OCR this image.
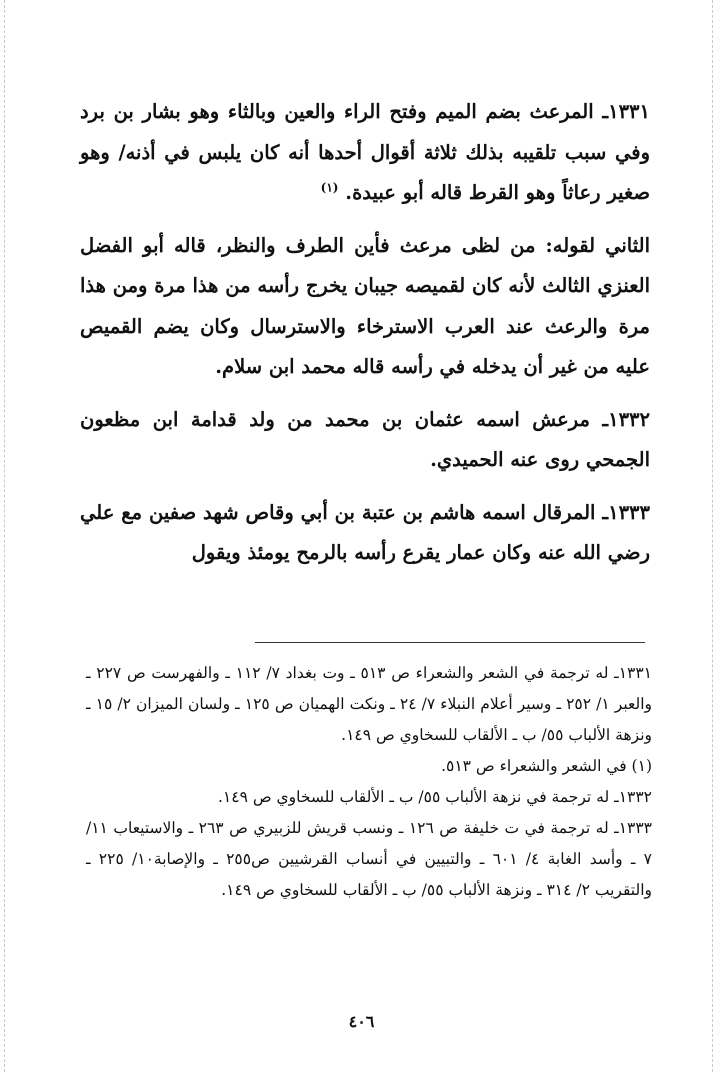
١٣٣١ـ المرعث بضم الميم وفتح الراء والعين وبالثاء وهو بشار بن برد وفي سبب تلقيبه بذلك ثلاثة أقوال أحدها أنه كان يلبس في أذنه/ وهو صغير رعاثاً وهو القرط قاله أبو عبيدة. $^{(١)}$

الثاني لقوله: من لظى مرعث فأين الطرف والنظر، قاله أبو الفضل العنزي الثالث لأنه كان لقميصه جيبان يخرج رأسه من هذا مرة ومن هذا مرة والرعث عند العرب الاسترخاء والاسترسال وكان يضم القميص عليه من غير أن يدخله في رأسه قاله محمد ابن سلام.

١٣٣٢ـ مرعش اسمه عثمان بن محمد من ولد قدامة ابن مظعون الجمحي روى عنه الحميدي.

١٣٣٣ـ المرقال اسمه هاشم بن عتبة بن أبي وقاص شهد صفين مع علي رضي الله عنه وكان عمار يقرع رأسه بالرمح يومئذ ويقول

١٣٣١ـ له ترجمة في الشعر والشعراء ص ٥١٣ ـ وت بغداد ٧/ ١١٢ ـ والفهرست ص ٢٢٧ ـ والعبر ١/ ٢٥٢ ـ وسير أعلام النبلاء ٧/ ٢٤ ـ ونكت الهميان ص ١٢٥ ـ ولسان الميزان ٢/ ١٥ ـ ونزهة الألباب ٥٥/ ب ـ الألقاب للسخاوي ص ١٤٩.

(١) في الشعر والشعراء ص ٥١٣.

١٣٣٢ـ له ترجمة في نزهة الألباب ٥٥/ ب ـ الألقاب للسخاوي ص ١٤٩.

١٣٣٣ـ له ترجمة في ت خليفة ص ١٢٦ ـ ونسب قريش للزبيري ص ٢٦٣ ـ والاستيعاب ١١/ ٧ ـ وأسد الغابة ٤/ ٦٠١ ـ والتبيين في أنساب القرشيين ص٢٥٥ ـ والإصابة١٠/ ٢٢٥ ـ والتقريب ٢/ ٣١٤ ـ ونزهة الألباب ٥٥/ ب ـ الألقاب للسخاوي ص ١٤٩.

٤٠٦
